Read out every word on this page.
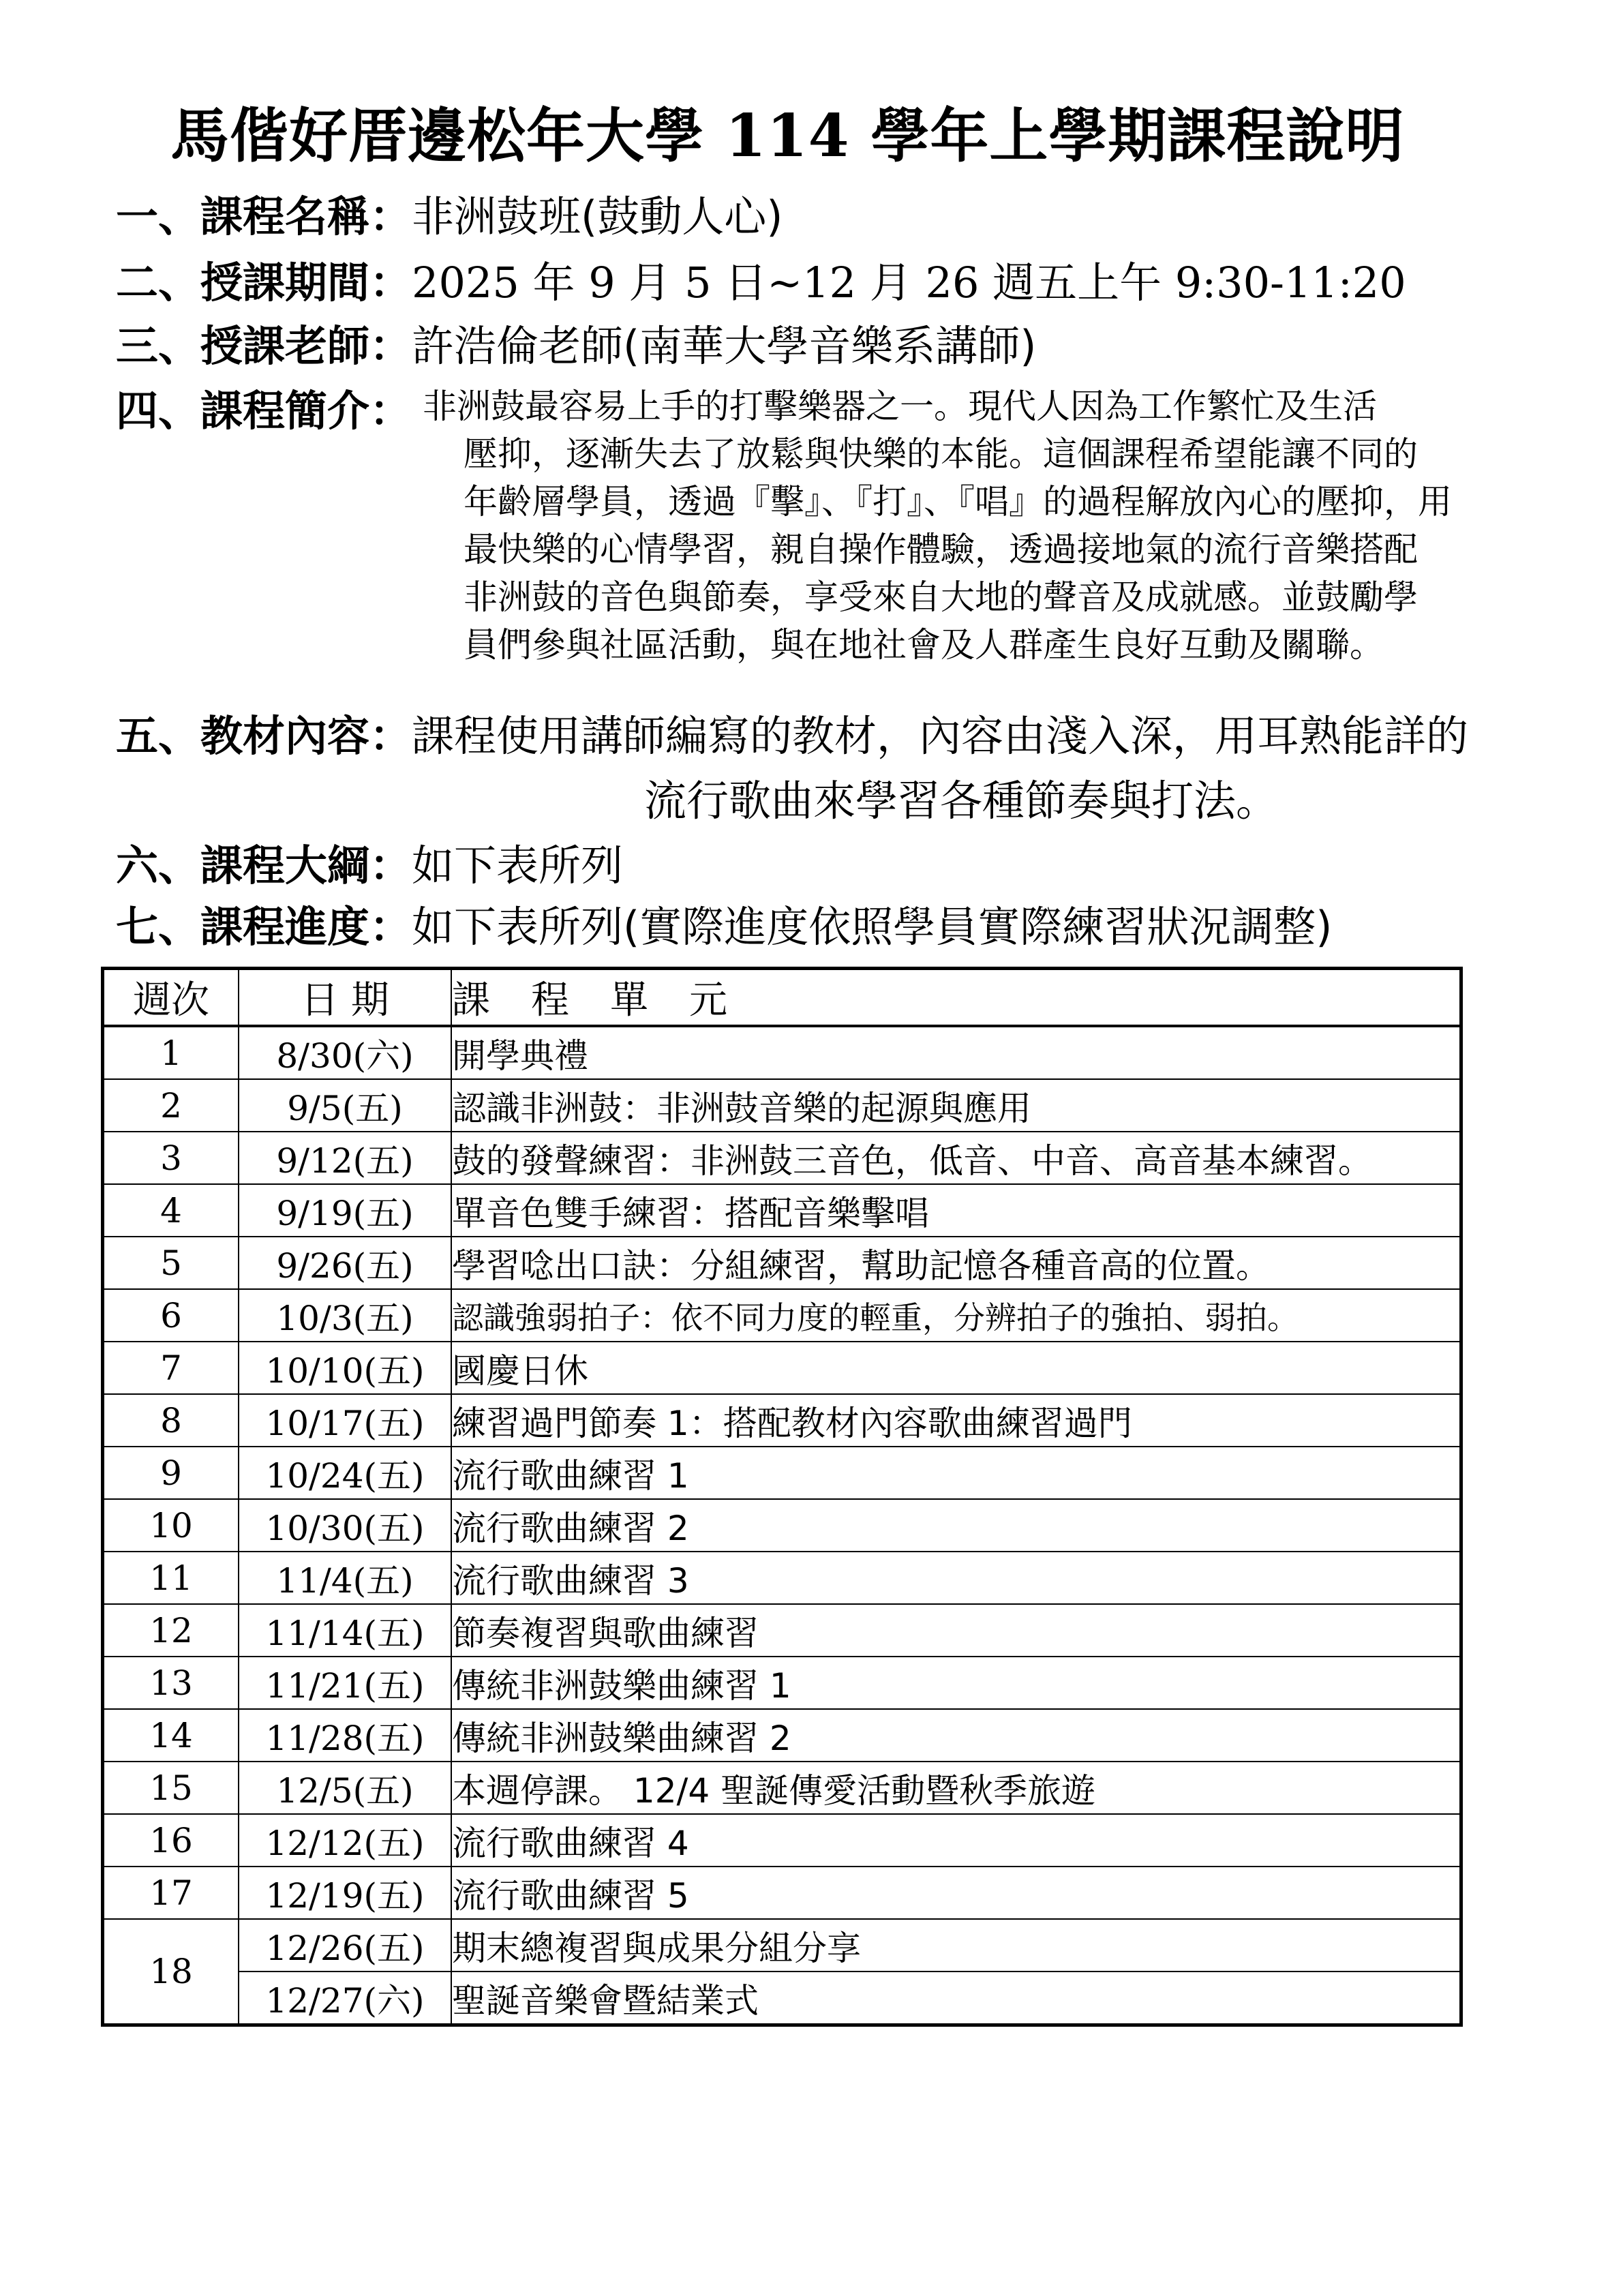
馬偕好厝邊松年大學 114 學年上學期課程說明
一、課程名稱：非洲鼓班(鼓動人心)
二、授課期間：2025 年 9 月 5 日~12 月 26 週五上午 9:30-11:20
三、授課老師：許浩倫老師(南華大學音樂系講師)
四、課程簡介： 非洲鼓最容易上手的打擊樂器之一。現代人因為工作繁忙及生活
壓抑，逐漸失去了放鬆與快樂的本能。這個課程希望能讓不同的
年齡層學員，透過『擊』、『打』、『唱』的過程解放內心的壓抑，用
最快樂的心情學習，親自操作體驗，透過接地氣的流行音樂搭配
非洲鼓的音色與節奏，享受來自大地的聲音及成就感。並鼓勵學
員們參與社區活動，與在地社會及人群產生良好互動及關聯。
五、教材內容：課程使用講師編寫的教材，內容由淺入深，用耳熟能詳的
流行歌曲來學習各種節奏與打法。
六、課程大綱：如下表所列
七、課程進度：如下表所列(實際進度依照學員實際練習狀況調整)
週次	日 期	課程單元
1	8/30(六)	開學典禮
2	9/5(五)	認識非洲鼓：非洲鼓音樂的起源與應用
3	9/12(五)	鼓的發聲練習：非洲鼓三音色，低音、中音、高音基本練習。
4	9/19(五)	單音色雙手練習：搭配音樂擊唱
5	9/26(五)	學習唸出口訣：分組練習，幫助記憶各種音高的位置。
6	10/3(五)	認識強弱拍子：依不同力度的輕重，分辨拍子的強拍、弱拍。
7	10/10(五)	國慶日休
8	10/17(五)	練習過門節奏 1：搭配教材內容歌曲練習過門
9	10/24(五)	流行歌曲練習 1
10	10/30(五)	流行歌曲練習 2
11	11/4(五)	流行歌曲練習 3
12	11/14(五)	節奏複習與歌曲練習
13	11/21(五)	傳統非洲鼓樂曲練習 1
14	11/28(五)	傳統非洲鼓樂曲練習 2
15	12/5(五)	本週停課。 12/4 聖誕傳愛活動暨秋季旅遊
16	12/12(五)	流行歌曲練習 4
17	12/19(五)	流行歌曲練習 5
18	12/26(五)	期末總複習與成果分組分享
	12/27(六)	聖誕音樂會暨結業式
